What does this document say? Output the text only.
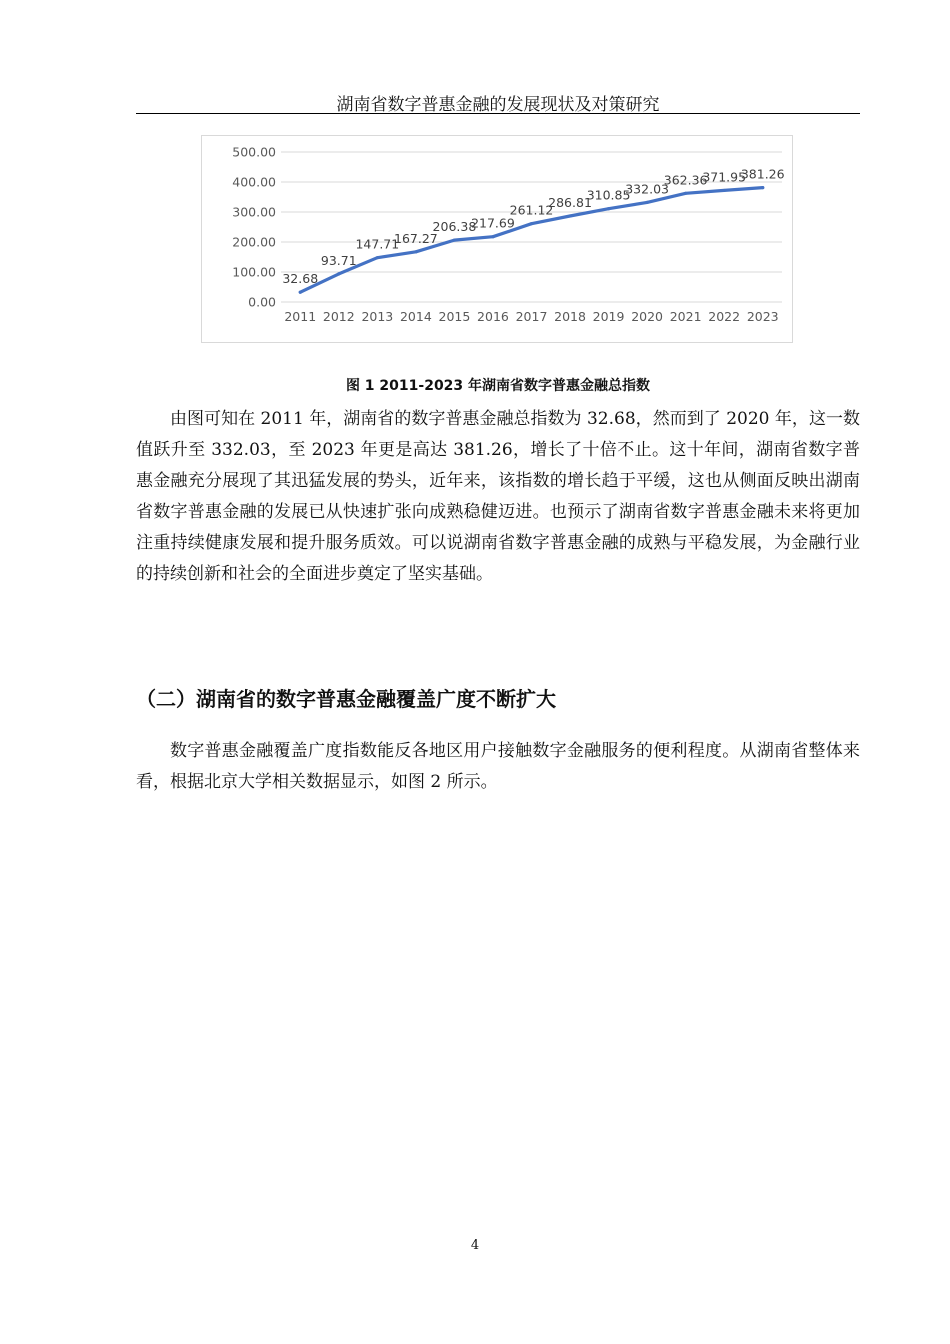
湖南省数字普惠金融的发展现状及对策研究
0.00
100.00
200.00
300.00
400.00
500.00
2011 2012 2013 2014 2015 2016 2017 2018 2019 2020 2021 2022 2023
32.68
93.71
147.71
167.27
206.38
217.69
261.12
286.81
310.85
332.03
362.36
371.95
381.26
图 1 2011-2023 年湖南省数字普惠金融总指数

由图可知在 2011 年，湖南省的数字普惠金融总指数为 32.68，然而到了 2020 年，这一数值跃升至 332.03，至 2023 年更是高达 381.26，增长了十倍不止。这十年间，湖南省数字普惠金融充分展现了其迅猛发展的势头，近年来，该指数的增长趋于平缓，这也从侧面反映出湖南省数字普惠金融的发展已从快速扩张向成熟稳健迈进。也预示了湖南省数字普惠金融未来将更加注重持续健康发展和提升服务质效。可以说湖南省数字普惠金融的成熟与平稳发展，为金融行业的持续创新和社会的全面进步奠定了坚实基础。

（二）湖南省的数字普惠金融覆盖广度不断扩大

数字普惠金融覆盖广度指数能反各地区用户接触数字金融服务的便利程度。从湖南省整体来看，根据北京大学相关数据显示，如图 2 所示。

4
